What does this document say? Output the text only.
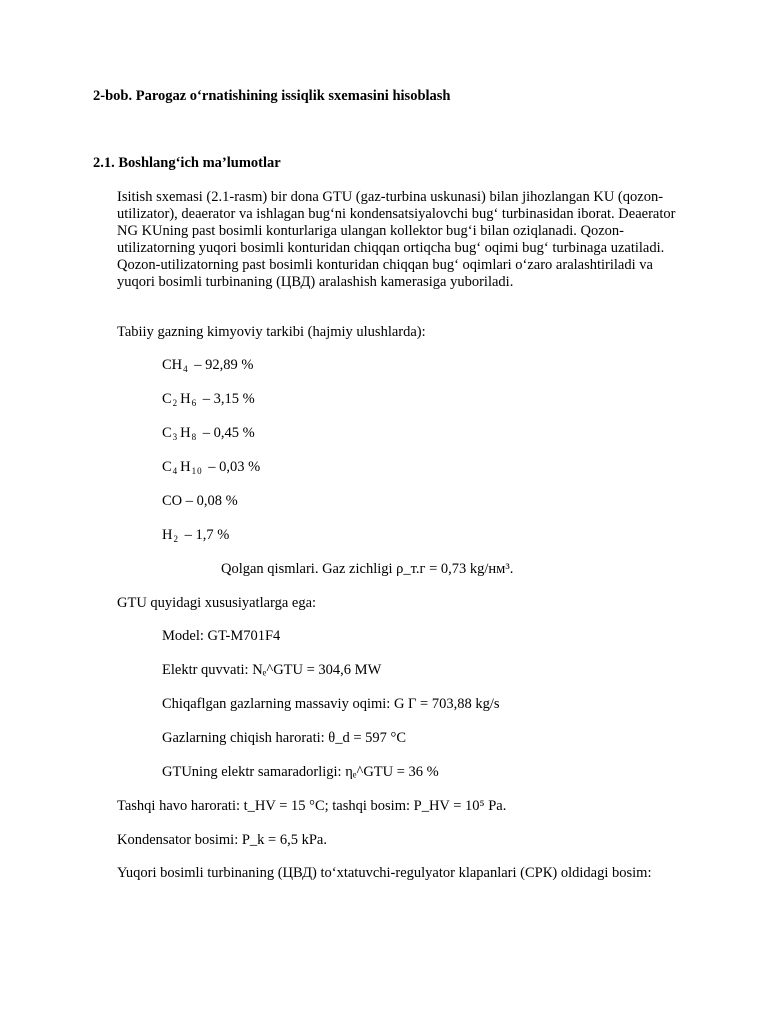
2-bob. Parogaz o‘rnatishining issiqlik sxemasini hisoblash
2.1. Boshlang‘ich ma’lumotlar
Isitish sxemasi (2.1-rasm) bir dona GTU (gaz-turbina uskunasi) bilan jihozlangan KU (qozon-utilizator), deaerator va ishlagan bug‘ni kondensatsiyalovchi bug‘ turbinasidan iborat. Deaerator NG KUning past bosimli konturlariga ulangan kollektor bug‘i bilan oziqlanadi. Qozon-utilizatorning yuqori bosimli konturidan chiqqan ortiqcha bug‘ oqimi bug‘ turbinaga uzatiladi. Qozon-utilizatorning past bosimli konturidan chiqqan bug‘ oqimlari o‘zaro aralashtiriladi va yuqori bosimli turbinaning (ЦВД) aralashish kamerasiga yuboriladi.
Tabiiy gazning kimyoviy tarkibi (hajmiy ulushlarda):
$CH_4 - 92,89$ %
$C_2$ $H_6 - 3,15$ %
$C_3$ $H_8 - 0,45$ %
$C_4$ $H_{10} - 0,03$ %
CO – 0,08 %
$H_2 - 1,7$ %
Qolgan qismlari. Gaz zichligi ρ_т.г = 0,73 kg/нм³.
GTU quyidagi xususiyatlarga ega:
Model: GT-M701F4
Elektr quvvati: Nₑ^GTU = 304,6 MW
Chiqaflgan gazlarning massaviy oqimi: G Г = 703,88 kg/s
Gazlarning chiqish harorati: θ_d = 597 °C
GTUning elektr samaradorligi: ηₑ^GTU = 36 %
Tashqi havo harorati: t_HV = 15 °C; tashqi bosim: P_HV = 10⁵ Pa.
Kondensator bosimi: P_k = 6,5 kPa.
Yuqori bosimli turbinaning (ЦВД) to‘xtatuvchi-regulyator klapanlari (СРК) oldidagi bosim:
